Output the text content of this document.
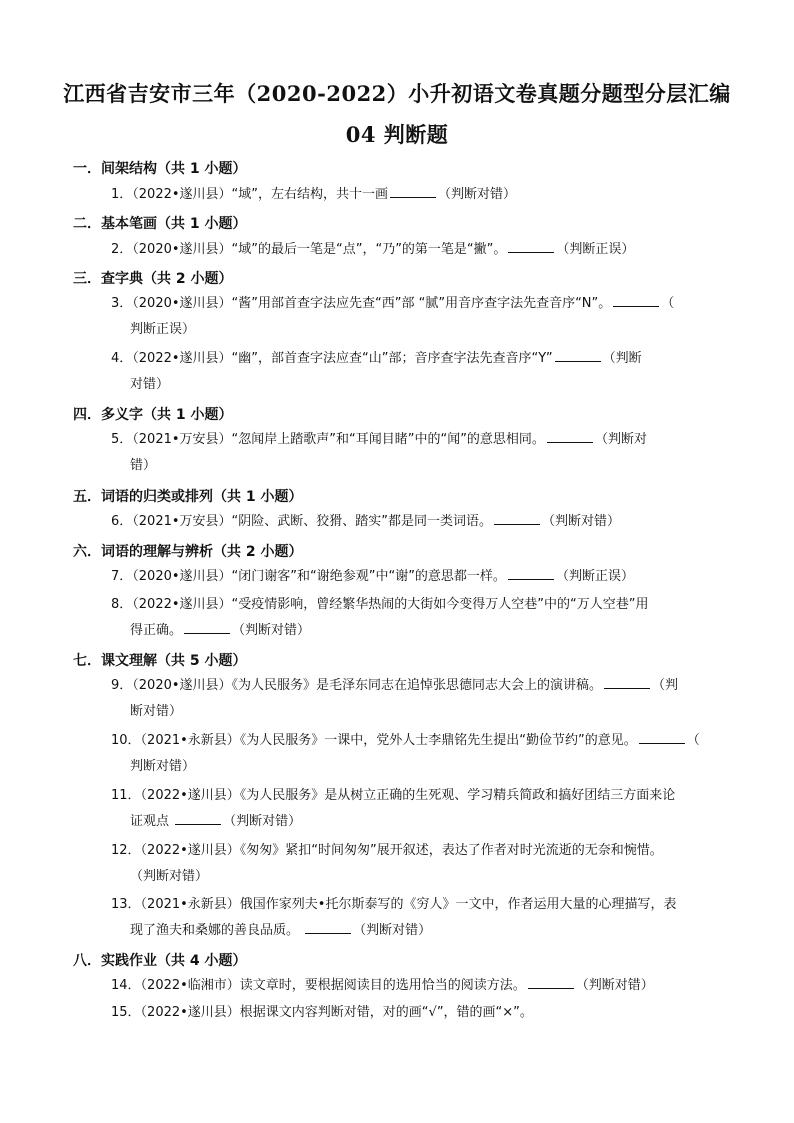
江西省吉安市三年（2020-2022）小升初语文卷真题分题型分层汇编
04 判断题
一．间架结构（共 1 小题）
1．（2022•遂川县）“域”，左右结构，共十一画	（判断对错）
二．基本笔画（共 1 小题）
2．（2020•遂川县）“域”的最后一笔是“点”，“乃”的第一笔是“撇”。	（判断正误）
三．查字典（共 2 小题）
3．（2020•遂川县）“酱”用部首查字法应先查“西”部 “腻”用音序查字法先查音序“N”。	（
判断正误）
4．（2022•遂川县）“幽”，部首查字法应查“山”部；音序查字法先查音序“Y”	（判断
对错）
四．多义字（共 1 小题）
5．（2021•万安县）“忽闻岸上踏歌声”和“耳闻目睹”中的“闻”的意思相同。	（判断对
错）
五．词语的归类或排列（共 1 小题）
6．（2021•万安县）“阴险、武断、狡猾、踏实”都是同一类词语。	（判断对错）
六．词语的理解与辨析（共 2 小题）
7．（2020•遂川县）“闭门谢客”和“谢绝参观”中“谢”的意思都一样。	（判断正误）
8．（2022•遂川县）“受疫情影响，曾经繁华热闹的大街如今变得万人空巷”中的“万人空巷”用
得正确。	（判断对错）
七．课文理解（共 5 小题）
9．（2020•遂川县）《为人民服务》是毛泽东同志在追悼张思德同志大会上的演讲稿。	（判
断对错）
10．（2021•永新县）《为人民服务》一课中，党外人士李鼎铭先生提出“勤俭节约”的意见。	（
判断对错）
11．（2022•遂川县）《为人民服务》是从树立正确的生死观、学习精兵简政和搞好团结三方面来论
证观点	（判断对错）
12．（2022•遂川县）《匆匆》紧扣“时间匆匆”展开叙述，表达了作者对时光流逝的无奈和惋惜。
（判断对错）
13．（2021•永新县）俄国作家列夫•托尔斯泰写的《穷人》一文中，作者运用大量的心理描写，表
现了渔夫和桑娜的善良品质。	（判断对错）
八．实践作业（共 4 小题）
14．（2022•临湘市）读文章时，要根据阅读目的选用恰当的阅读方法。	（判断对错）
15．（2022•遂川县）根据课文内容判断对错，对的画“√”，错的画“×”。
